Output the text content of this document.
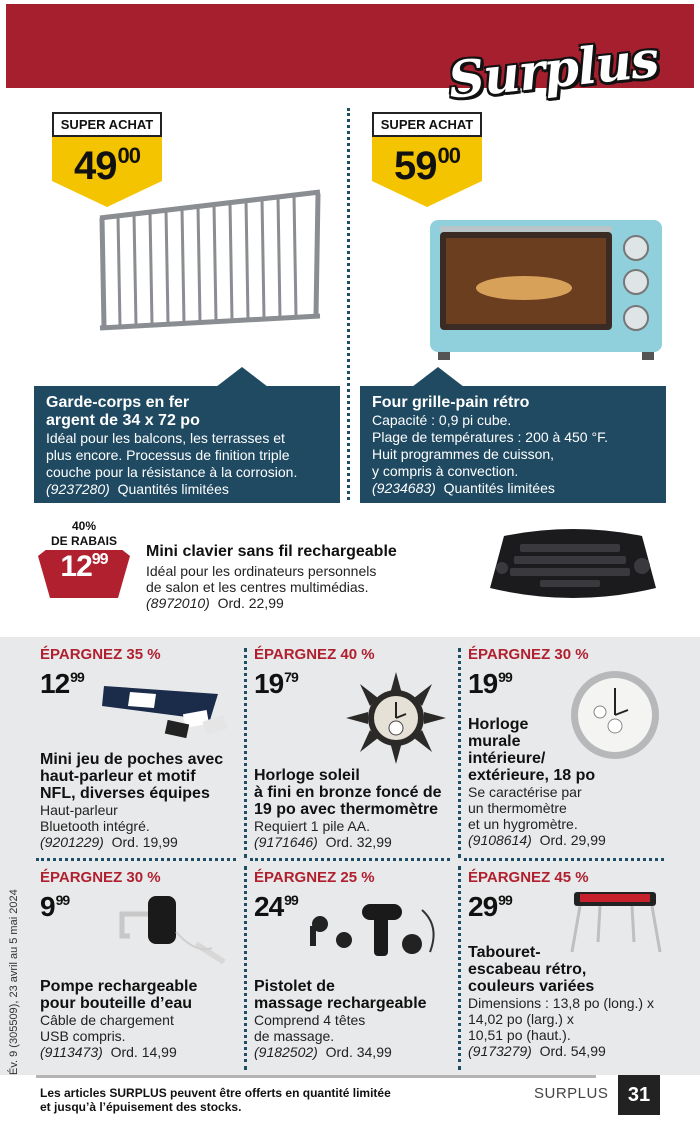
Surplus
SUPER ACHAT
$49^{00}$
Garde-corps en fer
argent de 34 x 72 po
Idéal pour les balcons, les terrasses et
plus encore. Processus de finition triple
couche pour la résistance à la corrosion.
(9237280) Quantités limitées
SUPER ACHAT
$59^{00}$
Four grille-pain rétro
Capacité : 0,9 pi cube.
Plage de températures : 200 à 450 °F.
Huit programmes de cuisson,
y compris à convection.
(9234683) Quantités limitées
40%
DE RABAIS
$12^{99}$	Mini clavier sans fil rechargeable
Idéal pour les ordinateurs personnels
de salon et les centres multimédias.
(8972010) Ord. 22,99
ÉPARGNEZ 35 %
$12^{99}$
Mini jeu de poches avec
haut-parleur et motif
NFL, diverses équipes
Haut-parleur
Bluetooth intégré.
(9201229) Ord. 19,99
ÉPARGNEZ 40 %
$19^{79}$
Horloge soleil
à fini en bronze foncé de
19 po avec thermomètre
Requiert 1 pile AA.
(9171646) Ord. 32,99
ÉPARGNEZ 30 %
$19^{99}$
Horloge
murale
intérieure/
extérieure, 18 po
Se caractérise par
un thermomètre
et un hygromètre.
(9108614) Ord. 29,99
ÉPARGNEZ 30 %
$9^{99}$
Pompe rechargeable
pour bouteille d’eau
Câble de chargement
USB compris.
(9113473) Ord. 14,99
ÉPARGNEZ 25 %
$24^{99}$
Pistolet de
massage rechargeable
Comprend 4 têtes
de massage.
(9182502) Ord. 34,99
ÉPARGNEZ 45 %
$29^{99}$
Tabouret-
escabeau rétro,
couleurs variées
Dimensions : 13,8 po (long.) x
14,02 po (larg.) x
10,51 po (haut.).
(9173279) Ord. 54,99
Év. 9 (305509), 23 avril au 5 mai 2024
Les articles SURPLUS peuvent être offerts en quantité limitée
et jusqu’à l’épuisement des stocks.
SURPLUS 31
